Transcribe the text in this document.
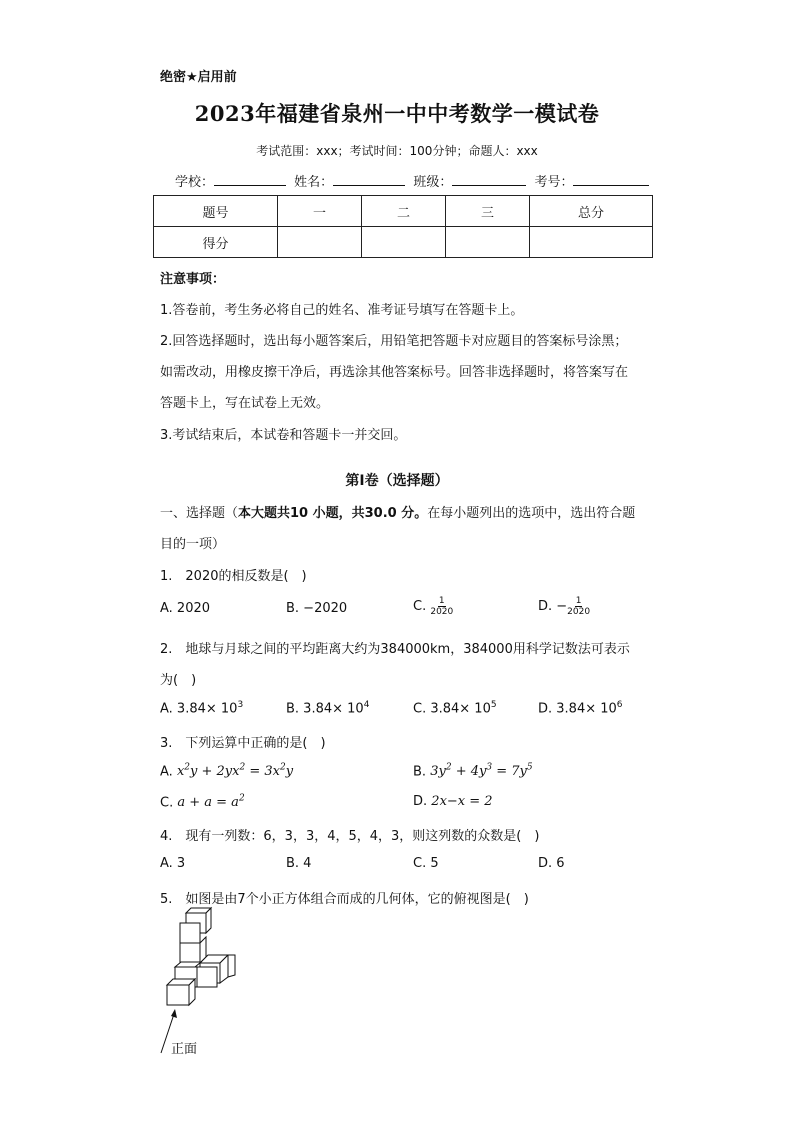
绝密★启用前
2023年福建省泉州一中中考数学一模试卷
考试范围：xxx；考试时间：100分钟；命题人：xxx
学校：	姓名：	班级：	考号：
题号	一	二	三	总分
得分				
注意事项：
1.答卷前，考生务必将自己的姓名、准考证号填写在答题卡上。
2.回答选择题时，选出每小题答案后，用铅笔把答题卡对应题目的答案标号涂黑；
如需改动，用橡皮擦干净后，再选涂其他答案标号。回答非选择题时，将答案写在
答题卡上，写在试卷上无效。
3.考试结束后，本试卷和答题卡一并交回。
第Ⅰ卷（选择题）
一、选择题（本大题共10 小题，共30.0 分。在每小题列出的选项中，选出符合题
目的一项）
1.　2020的相反数是(　)
A. 2020	B. −2020	C. $\frac{1}{2020}$	D. − $\frac{1}{2020}$
2.　地球与月球之间的平均距离大约为384000km，384000用科学记数法可表示
为(　)
A. $3.84\times 10^3$	B. $3.84\times 10^4$	C. $3.84\times 10^5$	D. $3.84\times 10^6$
3.　下列运算中正确的是(　)
A. $x^2y + 2yx^2 = 3x^2y$	B. $3y^2 + 4y^3 = 7y^5$
C. $a + a = a^2$	D. 2x−x = 2
4.　现有一列数：6，3，3，4，5，4，3，则这列数的众数是(　)
A. 3	B. 4	C. 5	D. 6
5.　如图是由7个小正方体组合而成的几何体，它的俯视图是(　)
正面
